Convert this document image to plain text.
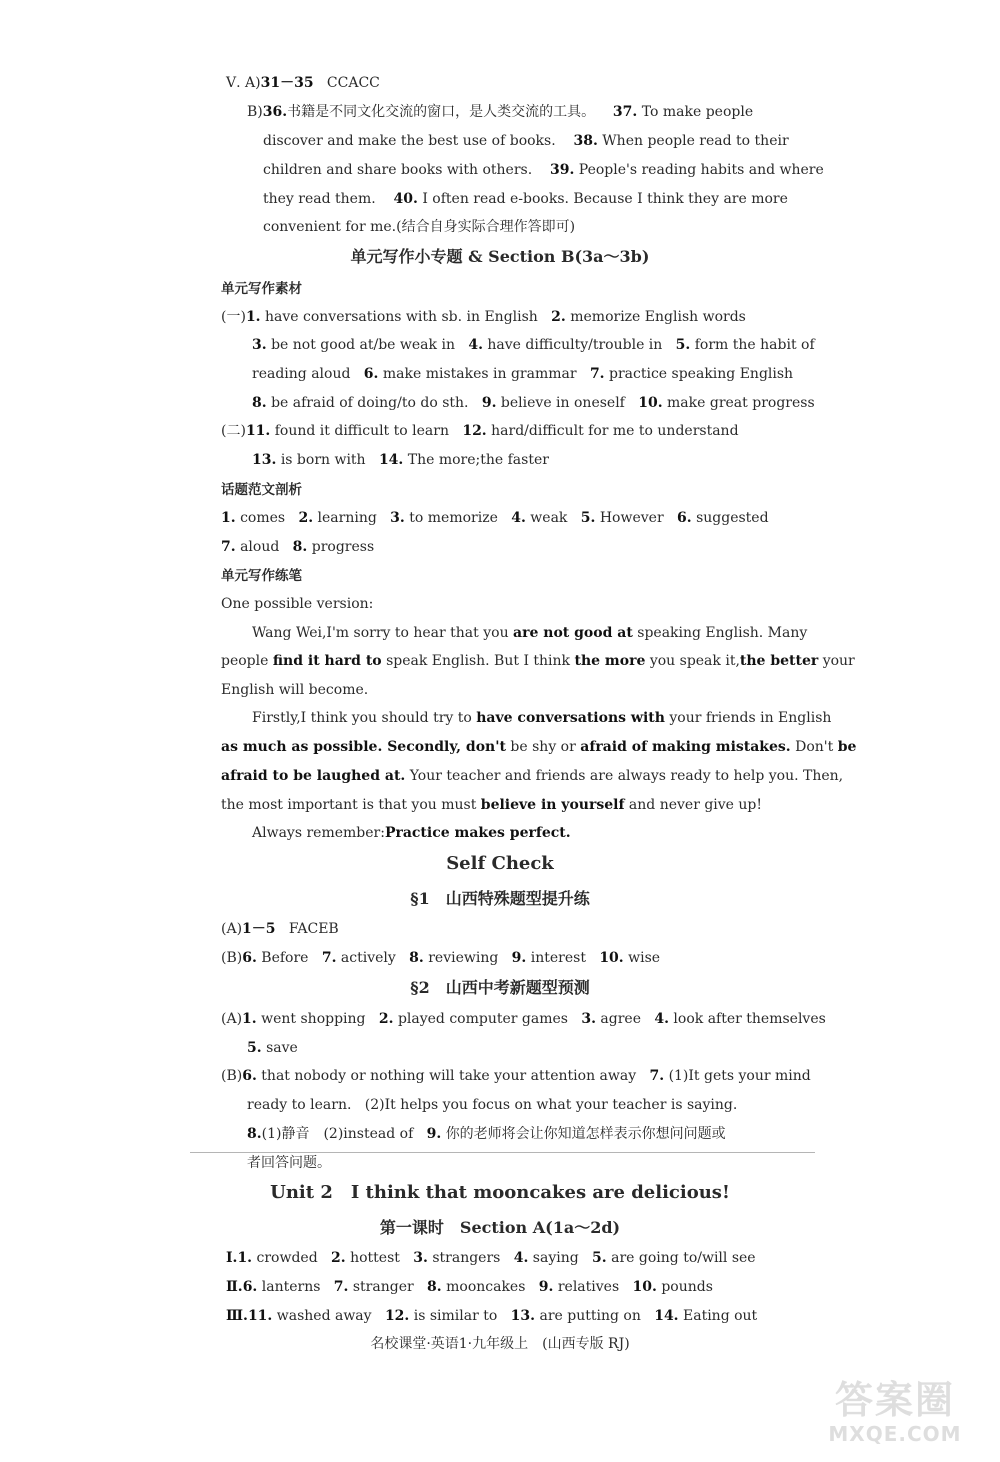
Ⅴ. A)31－35 CCACC
B)36.书籍是不同文化交流的窗口，是人类交流的工具。 37. To make people
discover and make the best use of books. 38. When people read to their
children and share books with others. 39. People's reading habits and where
they read them. 40. I often read e-books. Because I think they are more
convenient for me.(结合自身实际合理作答即可)
单元写作小专题 & Section B(3a～3b)
单元写作素材
(一)1. have conversations with sb. in English 2. memorize English words
3. be not good at/be weak in 4. have difficulty/trouble in 5. form the habit of
reading aloud 6. make mistakes in grammar 7. practice speaking English
8. be afraid of doing/to do sth. 9. believe in oneself 10. make great progress
(二)11. found it difficult to learn 12. hard/difficult for me to understand
13. is born with 14. The more;the faster
话题范文剖析
1. comes 2. learning 3. to memorize 4. weak 5. However 6. suggested
7. aloud 8. progress
单元写作练笔
One possible version:
Wang Wei,I'm sorry to hear that you are not good at speaking English. Many
people find it hard to speak English. But I think the more you speak it,the better your
English will become.
Firstly,I think you should try to have conversations with your friends in English
as much as possible. Secondly, don't be shy or afraid of making mistakes. Don't be
afraid to be laughed at. Your teacher and friends are always ready to help you. Then,
the most important is that you must believe in yourself and never give up!
Always remember:Practice makes perfect.
Self Check
§1　山西特殊题型提升练
(A)1－5 FACEB
(B)6. Before 7. actively 8. reviewing 9. interest 10. wise
§2　山西中考新题型预测
(A)1. went shopping 2. played computer games 3. agree 4. look after themselves
5. save
(B)6. that nobody or nothing will take your attention away 7. (1)It gets your mind
ready to learn. (2)It helps you focus on what your teacher is saying.
8.(1)静音　(2)instead of 9. 你的老师将会让你知道怎样表示你想问问题或
者回答问题。
Unit 2　I think that mooncakes are delicious!
第一课时　Section A(1a～2d)
Ⅰ.1. crowded 2. hottest 3. strangers 4. saying 5. are going to/will see
Ⅱ.6. lanterns 7. stranger 8. mooncakes 9. relatives 10. pounds
Ⅲ.11. washed away 12. is similar to 13. are putting on 14. Eating out
名校课堂·英语1·九年级上　(山西专版 RJ)
答案圈
MXQE.COM
